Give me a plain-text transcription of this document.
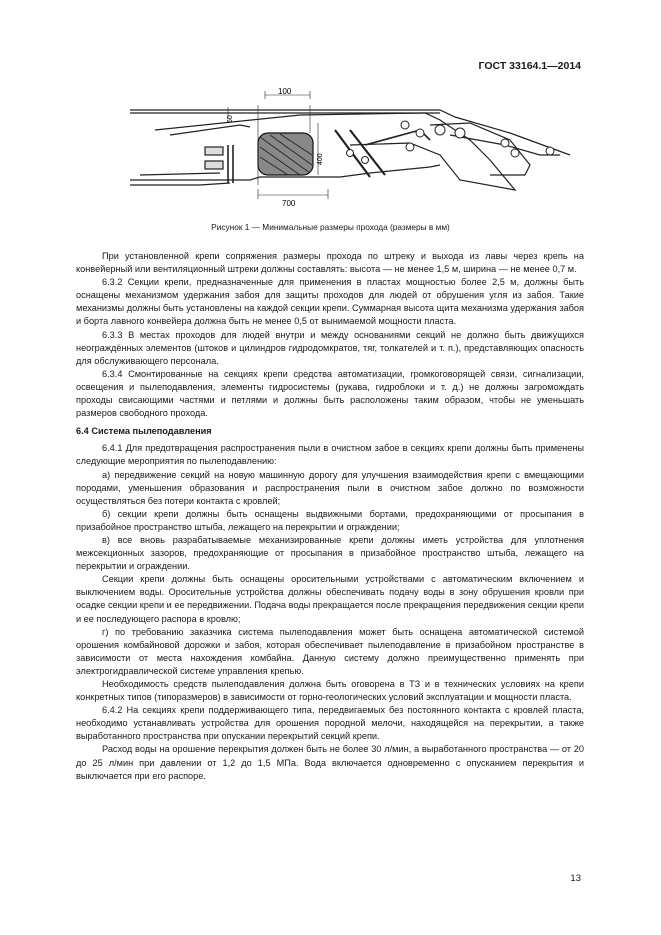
ГОСТ 33164.1—2014
100
50
400
700
Рисунок 1 — Минимальные размеры прохода (размеры в мм)

При установленной крепи сопряжения размеры прохода по штреку и выхода из лавы через крепь на конвейерный или вентиляционный штреки должны составлять: высота — не менее 1,5 м, ширина — не менее 0,7 м.

6.3.2 Секции крепи, предназначенные для применения в пластах мощностью более 2,5 м, должны быть оснащены механизмом удержания забоя для защиты проходов для людей от обрушения угля из забоя. Такие механизмы должны быть установлены на каждой секции крепи. Суммарная высота щита механизма удержания забоя и борта лавного конвейера должна быть не менее 0,5 от вынимаемой мощности пласта.

6.3.3 В местах проходов для людей внутри и между основаниями секций не должно быть движущихся неограждённых элементов (штоков и цилиндров гидродомкратов, тяг, толкателей и т. п.), представляющих опасность для обслуживающего персонала.

6.3.4 Смонтированные на секциях крепи средства автоматизации, громкоговорящей связи, сигнализации, освещения и пылеподавления, элементы гидросистемы (рукава, гидроблоки и т. д.) не должны загромождать проходы свисающими частями и петлями и должны быть расположены таким образом, чтобы не уменьшать размеров свободного прохода.

6.4 Система пылеподавления

6.4.1 Для предотвращения распространения пыли в очистном забое в секциях крепи должны быть применены следующие мероприятия по пылеподавлению:

а) передвижение секций на новую машинную дорогу для улучшения взаимодействия крепи с вмещающими породами, уменьшения образования и распространения пыли в очистном забое должно по возможности осуществляться без потери контакта с кровлей;

б) секции крепи должны быть оснащены выдвижными бортами, предохраняющими от просыпания в призабойное пространство штыба, лежащего на перекрытии и ограждении;

в) все вновь разрабатываемые механизированные крепи должны иметь устройства для уплотнения межсекционных зазоров, предохраняющие от просыпания в призабойное пространство штыба, лежащего на перекрытии и ограждении.

Секции крепи должны быть оснащены оросительными устройствами с автоматическим включением и выключением воды. Оросительные устройства должны обеспечивать подачу воды в зону обрушения кровли при осадке секции крепи и ее передвижении. Подача воды прекращается после прекращения передвижения секции крепи и ее последующего распора в кровлю;

г) по требованию заказчика система пылеподавления может быть оснащена автоматической системой орошения комбайновой дорожки и забоя, которая обеспечивает пылеподавление в призабойном пространстве в зависимости от места нахождения комбайна. Данную систему должно преимущественно применять при электрогидравлической системе управления крепью.

Необходимость средств пылеподавления должна быть оговорена в ТЗ и в технических условиях на крепи конкретных типов (типоразмеров) в зависимости от горно-геологических условий эксплуатации и мощности пласта.

6.4.2 На секциях крепи поддерживающего типа, передвигаемых без постоянного контакта с кровлей пласта, необходимо устанавливать устройства для орошения породной мелочи, находящейся на перекрытии, а также выработанного пространства при опускании перекрытий секций крепи.

Расход воды на орошение перекрытия должен быть не более 30 л/мин, а выработанного пространства — от 20 до 25 л/мин при давлении от 1,2 до 1,5 МПа. Вода включается одновременно с опусканием перекрытия и выключается при его распоре.

13
